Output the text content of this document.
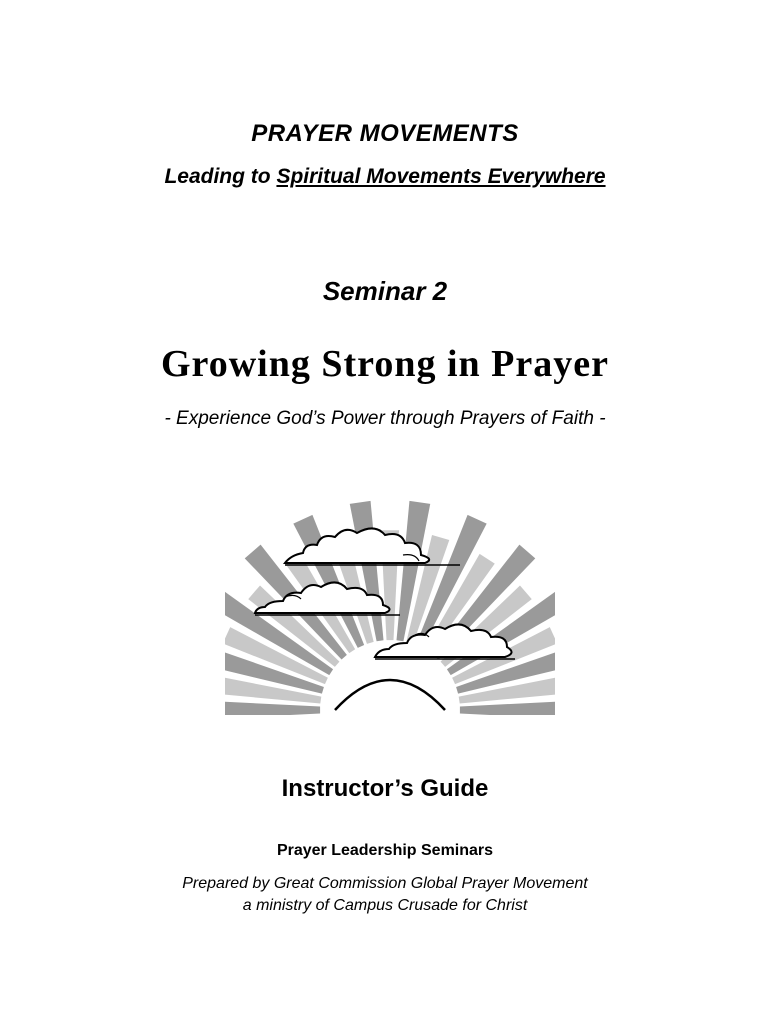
PRAYER MOVEMENTS
Leading to Spiritual Movements Everywhere
Seminar 2
Growing Strong in Prayer
- Experience God’s Power through Prayers of Faith -
Instructor’s Guide
Prayer Leadership Seminars
Prepared by Great Commission Global Prayer Movement
a ministry of Campus Crusade for Christ
